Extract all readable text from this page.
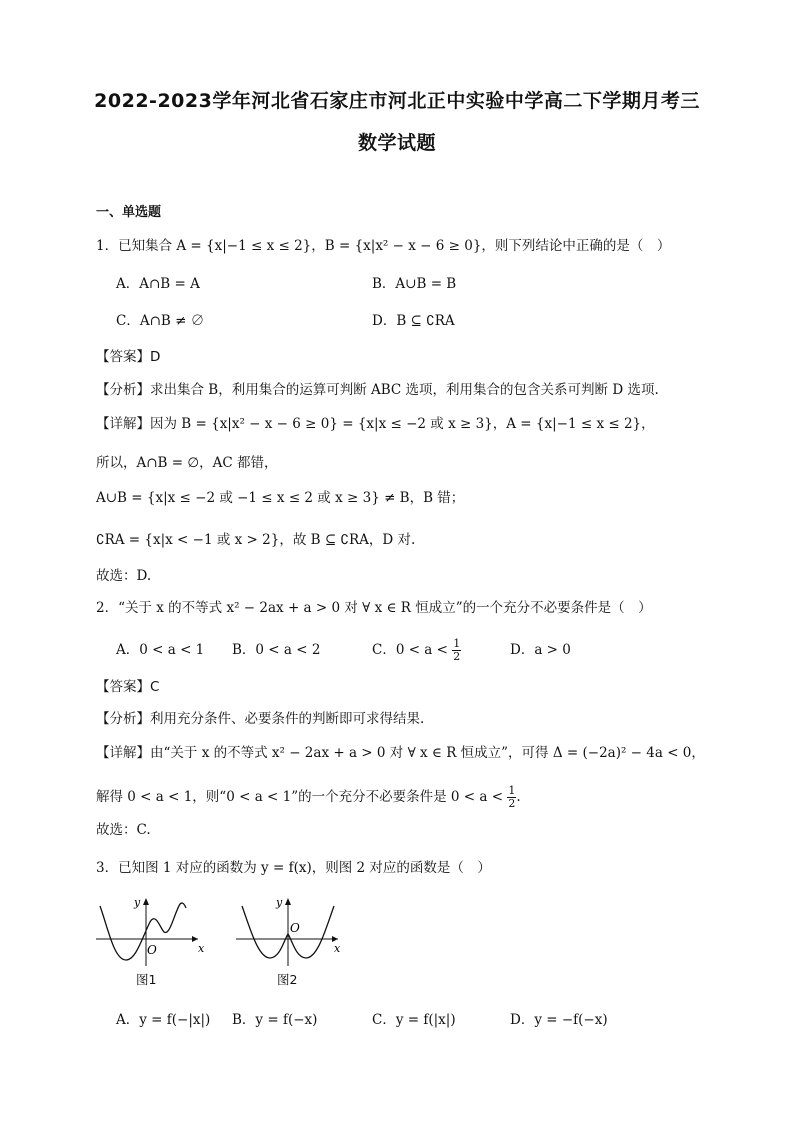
2022-2023学年河北省石家庄市河北正中实验中学高二下学期月考三
数学试题
一、单选题
1．已知集合 A = {x|−1 ≤ x ≤ 2}，B = {x|x² − x − 6 ≥ 0}，则下列结论中正确的是（　）
A．A∩B = A	B．A∪B = B
C．A∩B ≠ ∅	D．B ⊆ ∁RA
【答案】D
【分析】求出集合 B，利用集合的运算可判断 ABC 选项，利用集合的包含关系可判断 D 选项.
【详解】因为 B = {x|x² − x − 6 ≥ 0} = {x|x ≤ −2 或 x ≥ 3}，A = {x|−1 ≤ x ≤ 2}，
所以，A∩B = ∅，AC 都错，
A∪B = {x|x ≤ −2 或 −1 ≤ x ≤ 2 或 x ≥ 3} ≠ B，B 错；
∁RA = {x|x < −1 或 x > 2}，故 B ⊆ ∁RA，D 对.
故选：D.
2．“关于 x 的不等式 x² − 2ax + a > 0 对 ∀ x ∈ R 恒成立”的一个充分不必要条件是（　）
A．0 < a < 1 B．0 < a < 2	C．$0 < a < \frac{1}{2}$	D．a > 0
【答案】C
【分析】利用充分条件、必要条件的判断即可求得结果.
【详解】由“关于 x 的不等式 x² − 2ax + a > 0 对 ∀ x ∈ R 恒成立”，可得 Δ = (−2a)² − 4a < 0，
解得 0 < a < 1，则“0 < a < 1”的一个充分不必要条件是 $0 < a < \frac{1}{2}$ .
故选：C.
3．已知图 1 对应的函数为 y = f(x)，则图 2 对应的函数是（　）
y
x
O
图1
y
x
O
图2
A．y = f(−|x|) B．y = f(−x)	C．y = f(|x|)	D．y = −f(−x)
